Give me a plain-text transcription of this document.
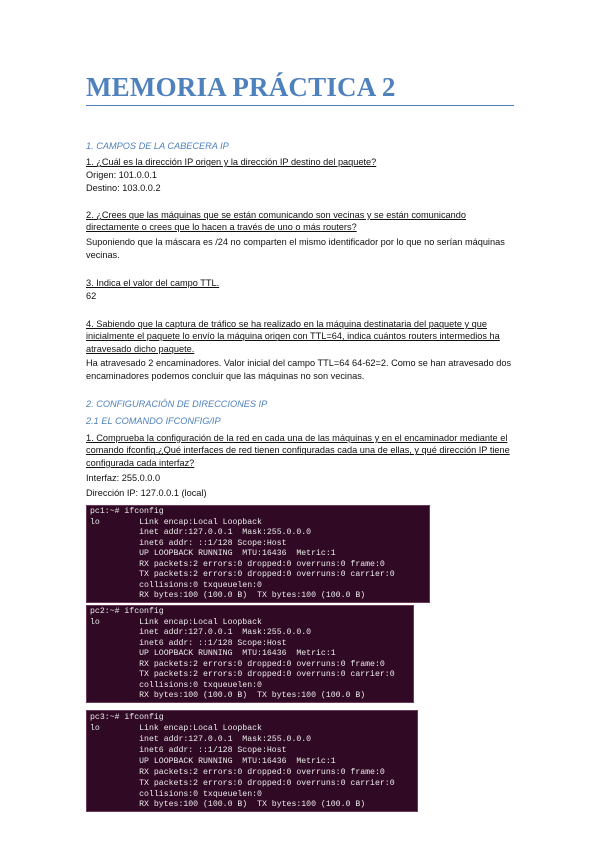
MEMORIA PRÁCTICA 2
1. CAMPOS DE LA CABECERA IP
1. ¿Cuál es la dirección IP origen y la dirección IP destino del paquete?
Origen: 101.0.0.1
Destino: 103.0.0.2
2. ¿Crees que las máquinas que se están comunicando son vecinas y se están comunicando directamente o crees que lo hacen a través de uno o más routers?
Suponiendo que la máscara es /24 no comparten el mismo identificador por lo que no serían máquinas vecinas.
3. Indica el valor del campo TTL.
62
4. Sabiendo que la captura de tráfico se ha realizado en la máquina destinataria del paquete y que inicialmente el paquete lo envío la máquina origen con TTL=64, indica cuántos routers intermedios ha atravesado dicho paquete.
Ha atravesado 2 encaminadores. Valor inicial del campo TTL=64 64-62=2. Como se han atravesado dos encaminadores podemos concluir que las máquinas no son vecinas.
2. CONFIGURACIÓN DE DIRECCIONES IP
2.1 EL COMANDO IFCONFIG/IP
1. Comprueba la configuración de la red en cada una de las máquinas y en el encaminador mediante el comando ifconfig.¿Qué interfaces de red tienen configuradas cada una de ellas, y qué dirección IP tiene configurada cada interfaz?
Interfaz: 255.0.0.0
Dirección IP: 127.0.0.1 (local)
pc1:~# ifconfig
lo        Link encap:Local Loopback
inet addr:127.0.0.1  Mask:255.0.0.0
inet6 addr: ::1/128 Scope:Host
UP LOOPBACK RUNNING  MTU:16436  Metric:1
RX packets:2 errors:0 dropped:0 overruns:0 frame:0
TX packets:2 errors:0 dropped:0 overruns:0 carrier:0
collisions:0 txqueuelen:0
RX bytes:100 (100.0 B)  TX bytes:100 (100.0 B)
pc2:~# ifconfig
lo        Link encap:Local Loopback
inet addr:127.0.0.1  Mask:255.0.0.0
inet6 addr: ::1/128 Scope:Host
UP LOOPBACK RUNNING  MTU:16436  Metric:1
RX packets:2 errors:0 dropped:0 overruns:0 frame:0
TX packets:2 errors:0 dropped:0 overruns:0 carrier:0
collisions:0 txqueuelen:0
RX bytes:100 (100.0 B)  TX bytes:100 (100.0 B)
pc3:~# ifconfig
lo        Link encap:Local Loopback
inet addr:127.0.0.1  Mask:255.0.0.0
inet6 addr: ::1/128 Scope:Host
UP LOOPBACK RUNNING  MTU:16436  Metric:1
RX packets:2 errors:0 dropped:0 overruns:0 frame:0
TX packets:2 errors:0 dropped:0 overruns:0 carrier:0
collisions:0 txqueuelen:0
RX bytes:100 (100.0 B)  TX bytes:100 (100.0 B)
